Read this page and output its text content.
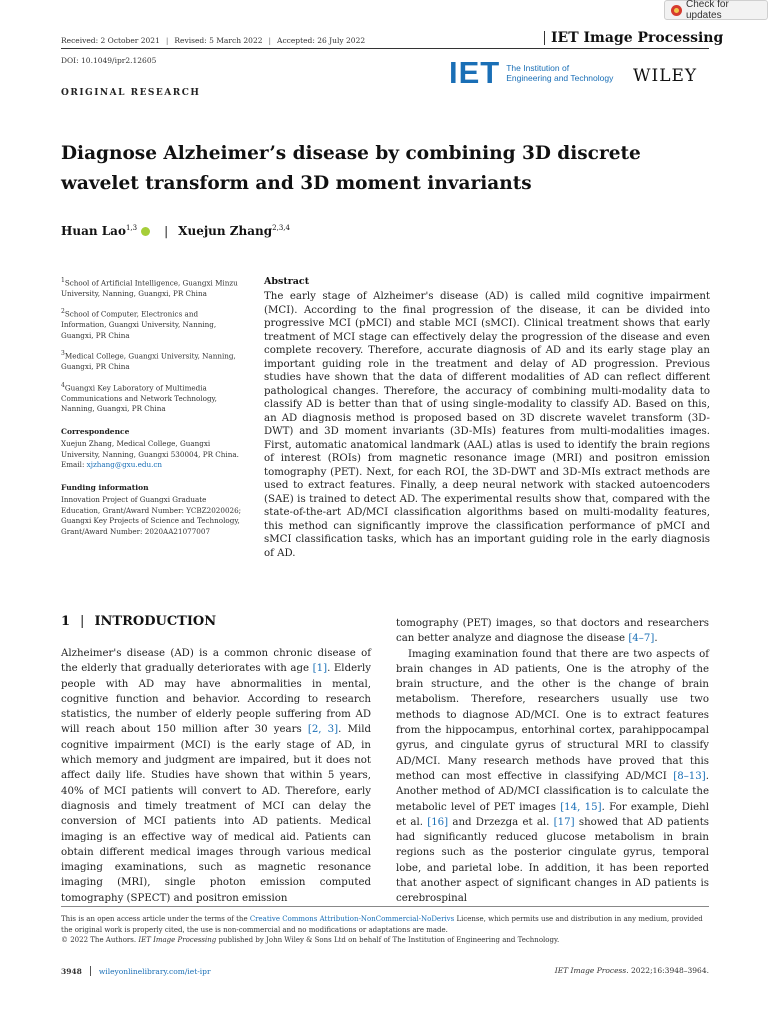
Check for updates
Received: 2 October 2021 | Revised: 5 March 2022 | Accepted: 26 July 2022
DOI: 10.1049/ipr2.12605
IET Image Processing
IET The Institution of
Engineering and Technology WILEY
ORIGINAL RESEARCH
Diagnose Alzheimer’s disease by combining 3D discrete wavelet transform and 3D moment invariants
Huan Lao$^{1,3}$ | Xuejun Zhang$^{2,3,4}$

$^1$School of Artificial Intelligence, Guangxi Minzu University, Nanning, Guangxi, PR China

$^2$School of Computer, Electronics and Information, Guangxi University, Nanning, Guangxi, PR China

$^3$Medical College, Guangxi University, Nanning, Guangxi, PR China

$^4$Guangxi Key Laboratory of Multimedia Communications and Network Technology, Nanning, Guangxi, PR China

Correspondence

Xuejun Zhang, Medical College, Guangxi University, Nanning, Guangxi 530004, PR China.
Email: xjzhang@gxu.edu.cn

Funding information

Innovation Project of Guangxi Graduate Education, Grant/Award Number: YCBZ2020026; Guangxi Key Projects of Science and Technology, Grant/Award Number: 2020AA21077007

Abstract
The early stage of Alzheimer's disease (AD) is called mild cognitive impairment (MCI). According to the final progression of the disease, it can be divided into progressive MCI (pMCI) and stable MCI (sMCI). Clinical treatment shows that early treatment of MCI stage can effectively delay the progression of the disease and even complete recovery. Therefore, accurate diagnosis of AD and its early stage play an important guiding role in the treatment and delay of AD progression. Previous studies have shown that the data of different modalities of AD can reflect different pathological changes. Therefore, the accuracy of combining multi-modality data to classify AD is better than that of using single-modality to classify AD. Based on this, an AD diagnosis method is proposed based on 3D discrete wavelet transform (3D-DWT) and 3D moment invariants (3D-MIs) features from multi-modalities images. First, automatic anatomical landmark (AAL) atlas is used to identify the brain regions of interest (ROIs) from magnetic resonance image (MRI) and positron emission tomography (PET). Next, for each ROI, the 3D-DWT and 3D-MIs extract methods are used to extract features. Finally, a deep neural network with stacked autoencoders (SAE) is trained to detect AD. The experimental results show that, compared with the state-of-the-art AD/MCI classification algorithms based on multi-modality features, this method can significantly improve the classification performance of pMCI and sMCI classification tasks, which has an important guiding role in the early diagnosis of AD.
1 | INTRODUCTION

Alzheimer's disease (AD) is a common chronic disease of the elderly that gradually deteriorates with age [1]. Elderly people with AD may have abnormalities in mental, cognitive function and behavior. According to research statistics, the number of elderly people suffering from AD will reach about 150 million after 30 years [2, 3]. Mild cognitive impairment (MCI) is the early stage of AD, in which memory and judgment are impaired, but it does not affect daily life. Studies have shown that within 5 years, 40% of MCI patients will convert to AD. Therefore, early diagnosis and timely treatment of MCI can delay the conversion of MCI patients into AD patients. Medical imaging is an effective way of medical aid. Patients can obtain different medical images through various medical imaging examinations, such as magnetic resonance imaging (MRI), single photon emission computed tomography (SPECT) and positron emission

tomography (PET) images, so that doctors and researchers can better analyze and diagnose the disease [4–7].

Imaging examination found that there are two aspects of brain changes in AD patients, One is the atrophy of the brain structure, and the other is the change of brain metabolism. Therefore, researchers usually use two methods to diagnose AD/MCI. One is to extract features from the hippocampus, entorhinal cortex, parahippocampal gyrus, and cingulate gyrus of structural MRI to classify AD/MCI. Many research methods have proved that this method can most effective in classifying AD/MCI [8–13]. Another method of AD/MCI classification is to calculate the metabolic level of PET images [14, 15]. For example, Diehl et al. [16] and Drzezga et al. [17] showed that AD patients had significantly reduced glucose metabolism in brain regions such as the posterior cingulate gyrus, temporal lobe, and parietal lobe. In addition, it has been reported that another aspect of significant changes in AD patients is cerebrospinal

This is an open access article under the terms of the Creative Commons Attribution-NonCommercial-NoDerivs License, which permits use and distribution in any medium, provided the original work is properly cited, the use is non-commercial and no modifications or adaptations are made.

© 2022 The Authors. IET Image Processing published by John Wiley & Sons Ltd on behalf of The Institution of Engineering and Technology.

3948 wileyonlinelibrary.com/iet-ipr	IET Image Process. 2022;16:3948–3964.
